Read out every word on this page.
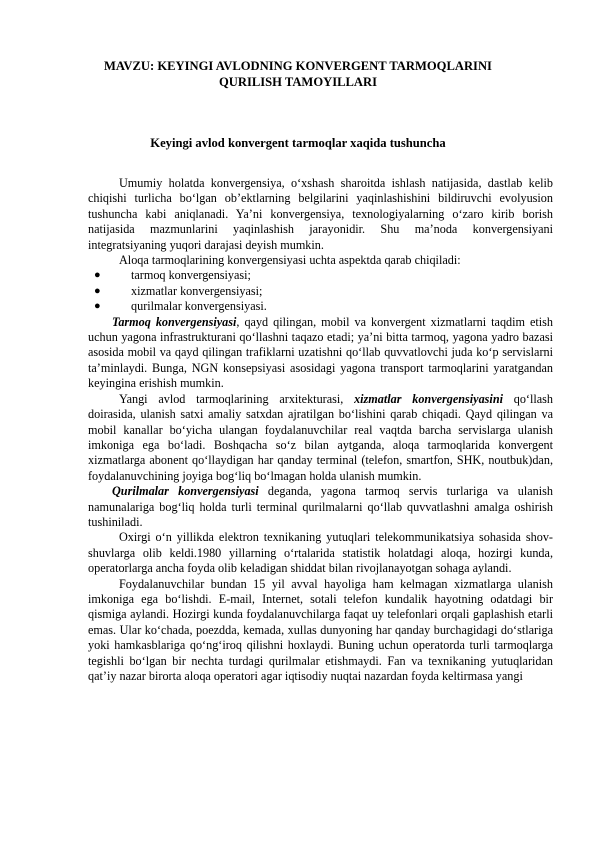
MAVZU: KEYINGI AVLODNING KONVERGENT TARMOQLARINI QURILISH TAMOYILLARI
Keyingi avlod konvergent tarmoqlar xaqida tushuncha

Umumiy holatda konvergensiya, o‘xshash sharoitda ishlash natijasida, dastlab kelib chiqishi turlicha bo‘lgan ob’ektlarning belgilarini yaqinlashishini bildiruvchi evolyusion tushuncha kabi aniqlanadi. Ya’ni konvergensiya, texnologiyalarning o‘zaro kirib borish natijasida mazmunlarini yaqinlashish jarayonidir. Shu ma’noda konvergensiyani integratsiyaning yuqori darajasi deyish mumkin.

Aloqa tarmoqlarining konvergensiyasi uchta aspektda qarab chiqiladi:

● tarmoq konvergensiyasi;
● xizmatlar konvergensiyasi;
● qurilmalar konvergensiyasi.

Tarmoq konvergensiyasi, qayd qilingan, mobil va konvergent xizmatlarni taqdim etish uchun yagona infrastrukturani qo‘llashni taqazo etadi; ya’ni bitta tarmoq, yagona yadro bazasi asosida mobil va qayd qilingan trafiklarni uzatishni qo‘llab quvvatlovchi juda ko‘p servislarni ta’minlaydi. Bunga, NGN konsepsiyasi asosidagi yagona transport tarmoqlarini yaratgandan keyingina erishish mumkin.

Yangi avlod tarmoqlarining arxitekturasi, xizmatlar konvergensiyasini qo‘llash doirasida, ulanish satxi amaliy satxdan ajratilgan bo‘lishini qarab chiqadi. Qayd qilingan va mobil kanallar bo‘yicha ulangan foydalanuvchilar real vaqtda barcha servislarga ulanish imkoniga ega bo‘ladi. Boshqacha so‘z bilan aytganda, aloqa tarmoqlarida konvergent xizmatlarga abonent qo‘llaydigan har qanday terminal (telefon, smartfon, SHK, noutbuk)dan, foydalanuvchining joyiga bog‘liq bo‘lmagan holda ulanish mumkin.

Qurilmalar konvergensiyasi deganda, yagona tarmoq servis turlariga va ulanish namunalariga bog‘liq holda turli terminal qurilmalarni qo‘llab quvvatlashni amalga oshirish tushiniladi.

Oxirgi o‘n yillikda elektron texnikaning yutuqlari telekommunikatsiya sohasida shov- shuvlarga olib keldi.1980 yillarning o‘rtalarida statistik holatdagi aloqa, hozirgi kunda, operatorlarga ancha foyda olib keladigan shiddat bilan rivojlanayotgan sohaga aylandi.

Foydalanuvchilar bundan 15 yil avval hayoliga ham kelmagan xizmatlarga ulanish imkoniga ega bo‘lishdi. E-mail, Internet, sotali telefon kundalik hayotning odatdagi bir qismiga aylandi. Hozirgi kunda foydalanuvchilarga faqat uy telefonlari orqali gaplashish etarli emas. Ular ko‘chada, poezdda, kemada, xullas dunyoning har qanday burchagidagi do‘stlariga yoki hamkasblariga qo‘ng‘iroq qilishni hoxlaydi. Buning uchun operatorda turli tarmoqlarga tegishli bo‘lgan bir nechta turdagi qurilmalar etishmaydi. Fan va texnikaning yutuqlaridan qat’iy nazar birorta aloqa operatori agar iqtisodiy nuqtai nazardan foyda keltirmasa yangi
